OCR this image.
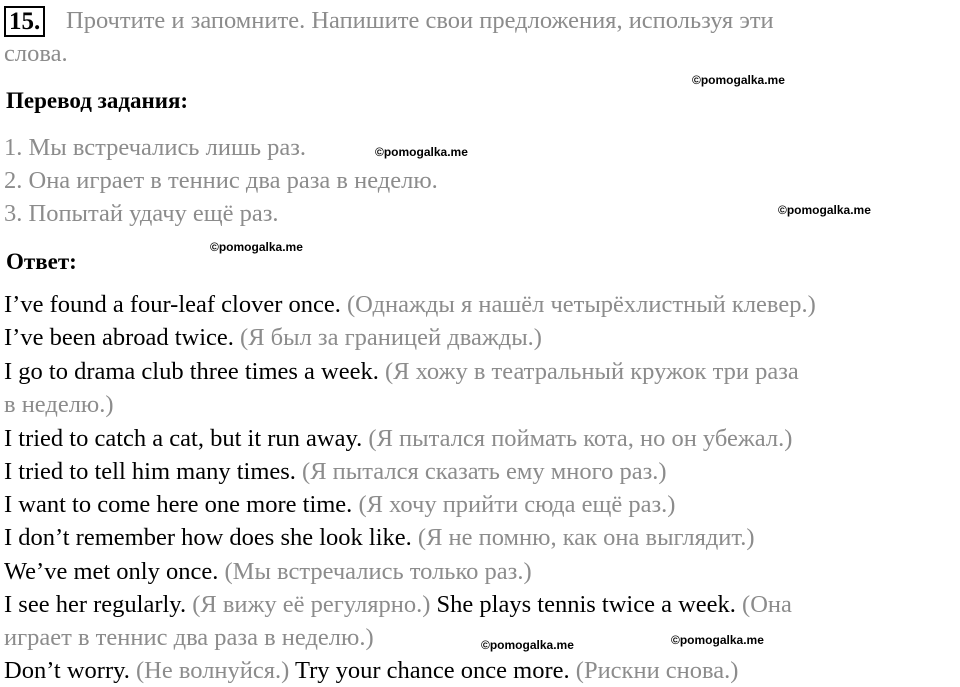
15. Прочтите и запомните. Напишите свои предложения, используя эти
слова.
Перевод задания:
1. Мы встречались лишь раз.
2. Она играет в теннис два раза в неделю.
3. Попытай удачу ещё раз.
Ответ:
I’ve found a four-leaf clover once. (Однажды я нашёл четырёхлистный клевер.)
I’ve been abroad twice. (Я был за границей дважды.)
I go to drama club three times a week. (Я хожу в театральный кружок три раза
в неделю.)
I tried to catch a cat, but it run away. (Я пытался поймать кота, но он убежал.)
I tried to tell him many times. (Я пытался сказать ему много раз.)
I want to come here one more time. (Я хочу прийти сюда ещё раз.)
I don’t remember how does she look like. (Я не помню, как она выглядит.)
We’ve met only once. (Мы встречались только раз.)
I see her regularly. (Я вижу её регулярно.) She plays tennis twice a week. (Она
играет в теннис два раза в неделю.)
Don’t worry. (Не волнуйся.) Try your chance once more. (Рискни снова.)
©pomogalka.me
©pomogalka.me
©pomogalka.me
©pomogalka.me
©pomogalka.me	©pomogalka.me
